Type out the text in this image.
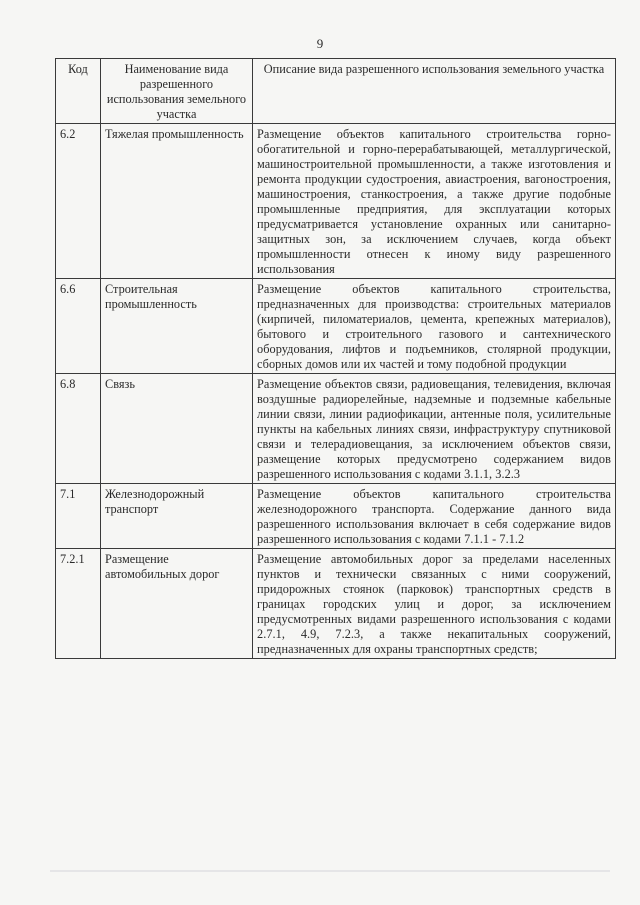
9
Код	Наименование вида разрешенного использования земельного участка	Описание вида разрешенного использования земельного участка
6.2	Тяжелая промышленность	Размещение объектов капитального строительства горно-обогатительной и горно-перерабатывающей, металлургической, машиностроительной промышленности, а также изготовления и ремонта продукции судостроения, авиастроения, вагоностроения, машиностроения, станкостроения, а также другие подобные промышленные предприятия, для эксплуатации которых предусматривается установление охранных или санитарно-защитных зон, за исключением случаев, когда объект промышленности отнесен к иному виду разрешенного использования
6.6	Строительная промышленность	Размещение объектов капитального строительства, предназначенных для производства: строительных материалов (кирпичей, пиломатериалов, цемента, крепежных материалов), бытового и строительного газового и сантехнического оборудования, лифтов и подъемников, столярной продукции, сборных домов или их частей и тому подобной продукции
6.8	Связь	Размещение объектов связи, радиовещания, телевидения, включая воздушные радиорелейные, надземные и подземные кабельные линии связи, линии радиофикации, антенные поля, усилительные пункты на кабельных линиях связи, инфраструктуру спутниковой связи и телерадиовещания, за исключением объектов связи, размещение которых предусмотрено содержанием видов разрешенного использования с кодами 3.1.1, 3.2.3
7.1	Железнодорожный транспорт	Размещение объектов капитального строительства железнодорожного транспорта. Содержание данного вида разрешенного использования включает в себя содержание видов разрешенного использования с кодами 7.1.1 - 7.1.2
7.2.1	Размещение автомобильных дорог	Размещение автомобильных дорог за пределами населенных пунктов и технически связанных с ними сооружений, придорожных стоянок (парковок) транспортных средств в границах городских улиц и дорог, за исключением предусмотренных видами разрешенного использования с кодами 2.7.1, 4.9, 7.2.3, а также некапитальных сооружений, предназначенных для охраны транспортных средств;
